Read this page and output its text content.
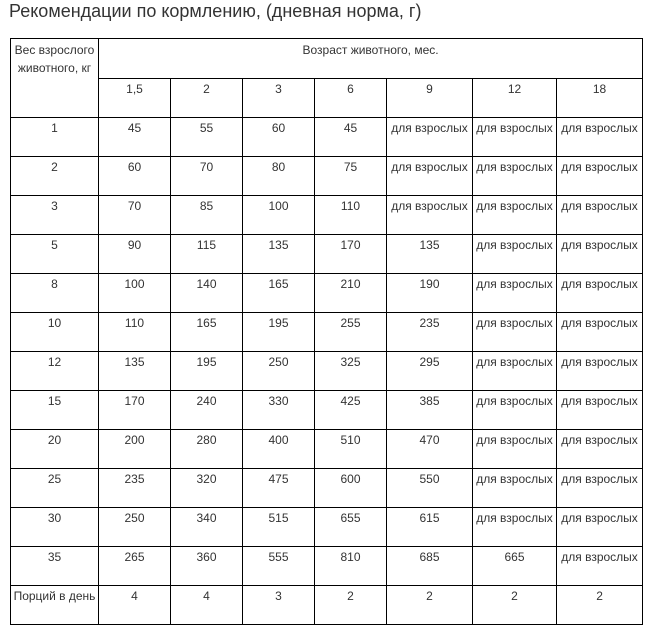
Рекомендации по кормлению, (дневная норма, г)
Вес взрослого животного, кг	Возраст животного, мес.						
	1,5	2	3	6	9	12	18
1	45	55	60	45	для взрослых	для взрослых	для взрослых
2	60	70	80	75	для взрослых	для взрослых	для взрослых
3	70	85	100	110	для взрослых	для взрослых	для взрослых
5	90	115	135	170	135	для взрослых	для взрослых
8	100	140	165	210	190	для взрослых	для взрослых
10	110	165	195	255	235	для взрослых	для взрослых
12	135	195	250	325	295	для взрослых	для взрослых
15	170	240	330	425	385	для взрослых	для взрослых
20	200	280	400	510	470	для взрослых	для взрослых
25	235	320	475	600	550	для взрослых	для взрослых
30	250	340	515	655	615	для взрослых	для взрослых
35	265	360	555	810	685	665	для взрослых
Порций в день	4	4	3	2	2	2	2
